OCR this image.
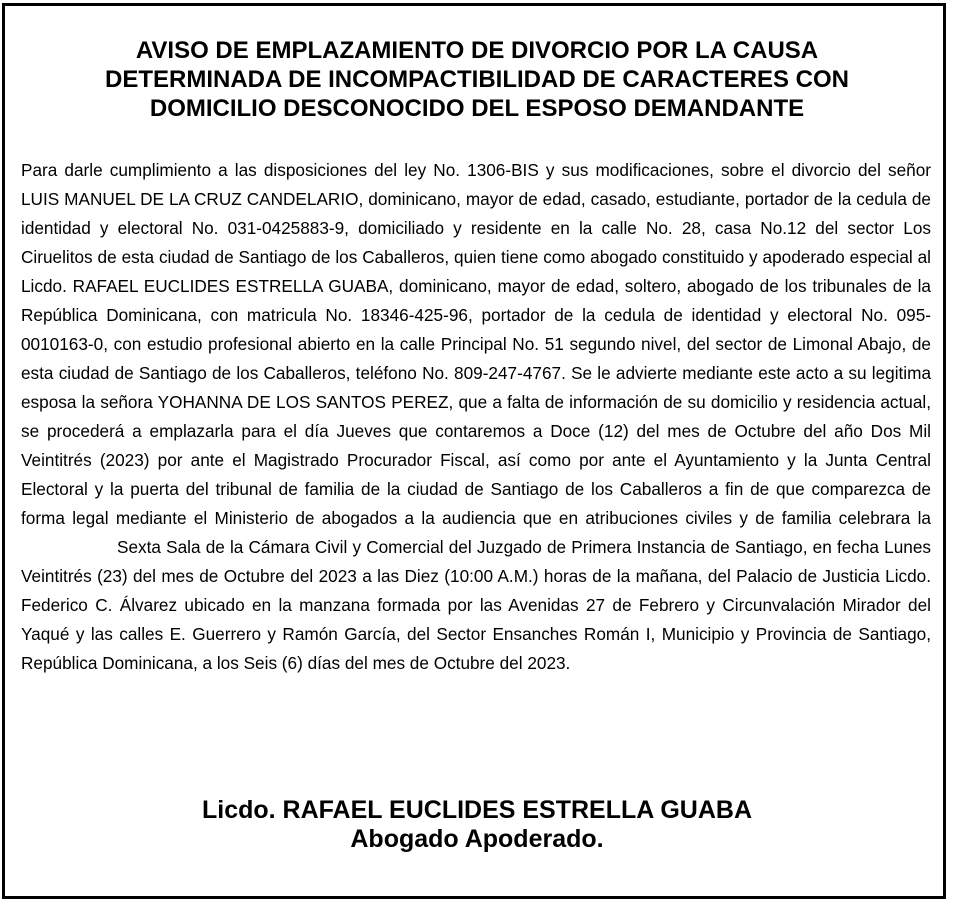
AVISO DE EMPLAZAMIENTO DE DIVORCIO POR LA CAUSA
DETERMINADA DE INCOMPACTIBILIDAD DE CARACTERES CON
DOMICILIO DESCONOCIDO DEL ESPOSO DEMANDANTE

Para darle cumplimiento a las disposiciones del ley No. 1306-BIS y sus modificaciones, sobre el divorcio del señor LUIS MANUEL DE LA CRUZ CANDELARIO, dominicano, mayor de edad, casado, estudiante, portador de la cedula de identidad y electoral No. 031-0425883-9, domiciliado y residente en la calle No. 28, casa No.12 del sector Los Ciruelitos de esta ciudad de Santiago de los Caballeros, quien tiene como abogado constituido y apoderado especial al Licdo. RAFAEL EUCLIDES ESTRELLA GUABA, dominicano, mayor de edad, soltero, abogado de los tribunales de la República Dominicana, con matricula No. 18346-425-96, portador de la cedula de identidad y electoral No. 095-0010163-0, con estudio profesional abierto en la calle Principal No. 51 segundo nivel, del sector de Limonal Abajo, de esta ciudad de Santiago de los Caballeros, teléfono No. 809-247-4767. Se le advierte mediante este acto a su legitima esposa la señora YOHANNA DE LOS SANTOS PEREZ, que a falta de información de su domicilio y residencia actual, se procederá a emplazarla para el día Jueves que contaremos a Doce (12) del mes de Octubre del año Dos Mil Veintitrés (2023) por ante el Magistrado Procurador Fiscal, así como por ante el Ayuntamiento y la Junta Central Electoral y la puerta del tribunal de familia de la ciudad de Santiago de los Caballeros a fin de que comparezca de forma legal mediante el Ministerio de abogados a la audiencia que en atribuciones civiles y de familia celebrara laSexta Sala de la Cámara Civil y Comercial del Juzgado de Primera Instancia de Santiago, en fecha Lunes Veintitrés (23) del mes de Octubre del 2023 a las Diez (10:00 A.M.) horas de la mañana, del Palacio de Justicia Licdo. Federico C. Álvarez ubicado en la manzana formada por las Avenidas 27 de Febrero y Circunvalación Mirador del Yaqué y las calles E. Guerrero y Ramón García, del Sector Ensanches Román I, Municipio y Provincia de Santiago, República Dominicana, a los Seis (6) días del mes de Octubre del 2023.

Licdo. RAFAEL EUCLIDES ESTRELLA GUABA
Abogado Apoderado.
